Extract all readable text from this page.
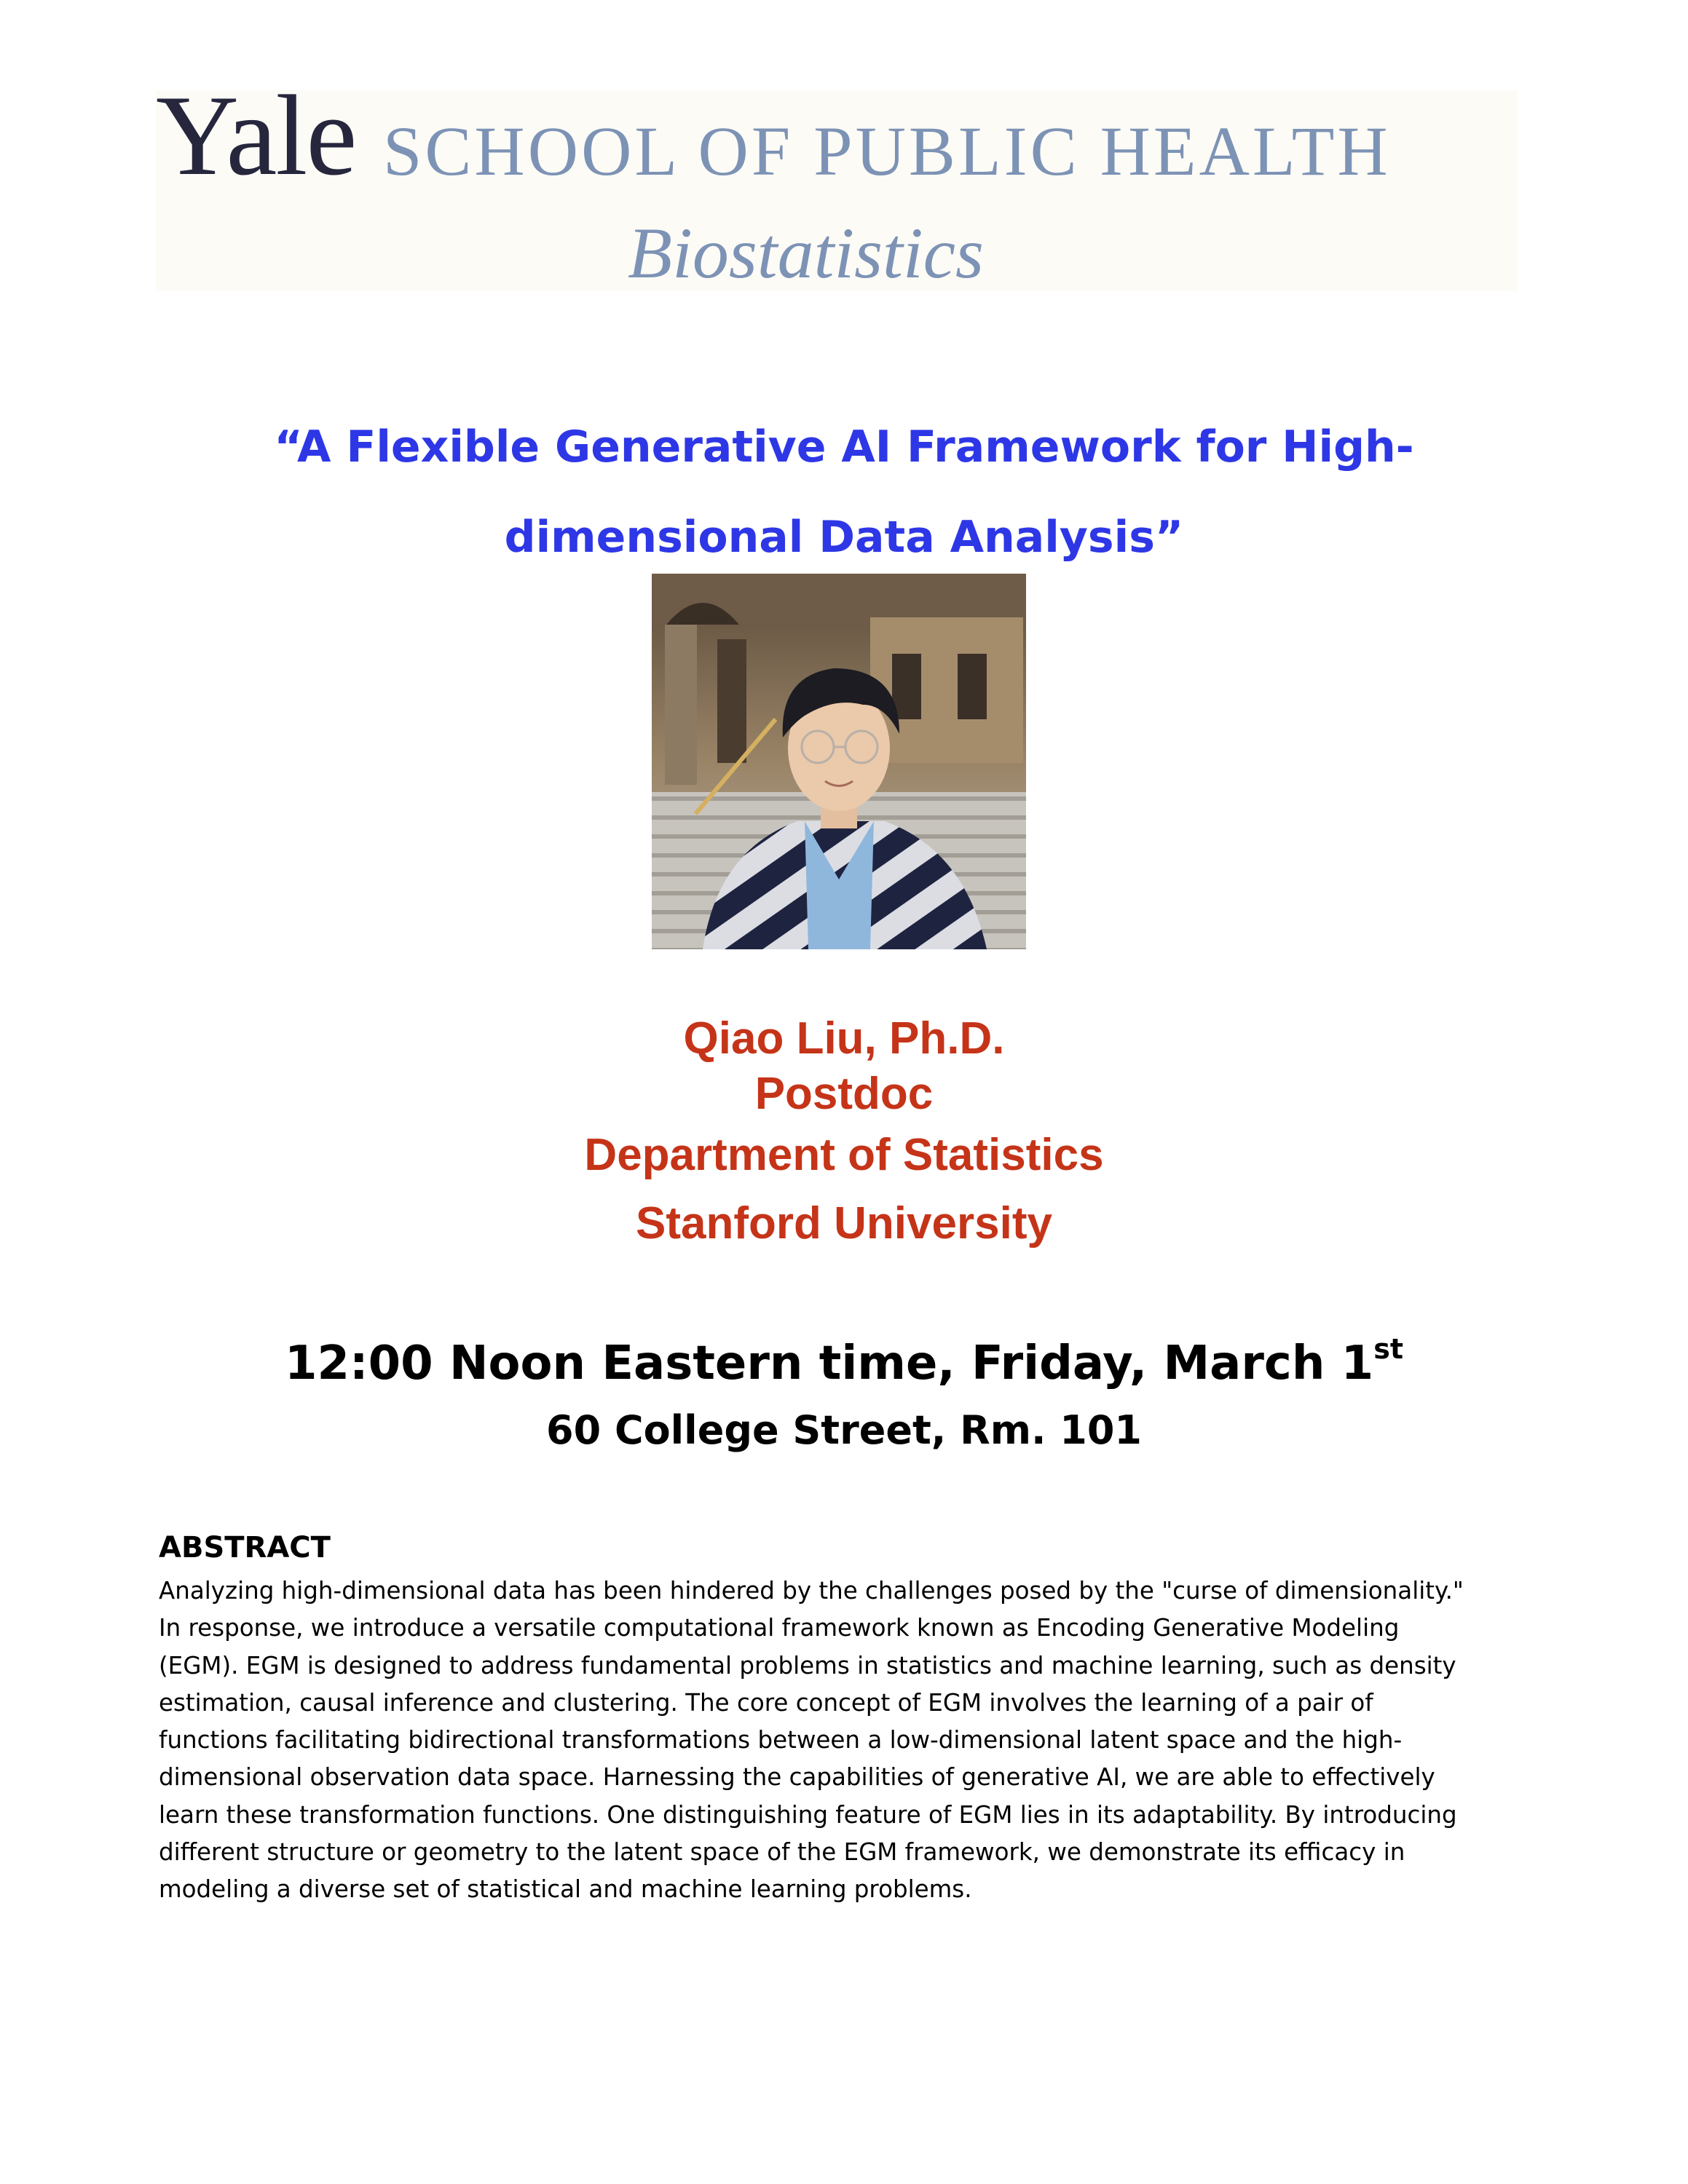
Yale SCHOOL OF PUBLIC HEALTH
Biostatistics
“A Flexible Generative AI Framework for High-
dimensional Data Analysis”
Qiao Liu, Ph.D.
Postdoc
Department of Statistics
Stanford University
12:00 Noon Eastern time, Friday, March 1st
60 College Street, Rm. 101
ABSTRACT
Analyzing high-dimensional data has been hindered by the challenges posed by the "curse of dimensionality."
In response, we introduce a versatile computational framework known as Encoding Generative Modeling
(EGM). EGM is designed to address fundamental problems in statistics and machine learning, such as density
estimation, causal inference and clustering. The core concept of EGM involves the learning of a pair of
functions facilitating bidirectional transformations between a low-dimensional latent space and the high-
dimensional observation data space. Harnessing the capabilities of generative AI, we are able to effectively
learn these transformation functions. One distinguishing feature of EGM lies in its adaptability. By introducing
different structure or geometry to the latent space of the EGM framework, we demonstrate its efficacy in
modeling a diverse set of statistical and machine learning problems.
